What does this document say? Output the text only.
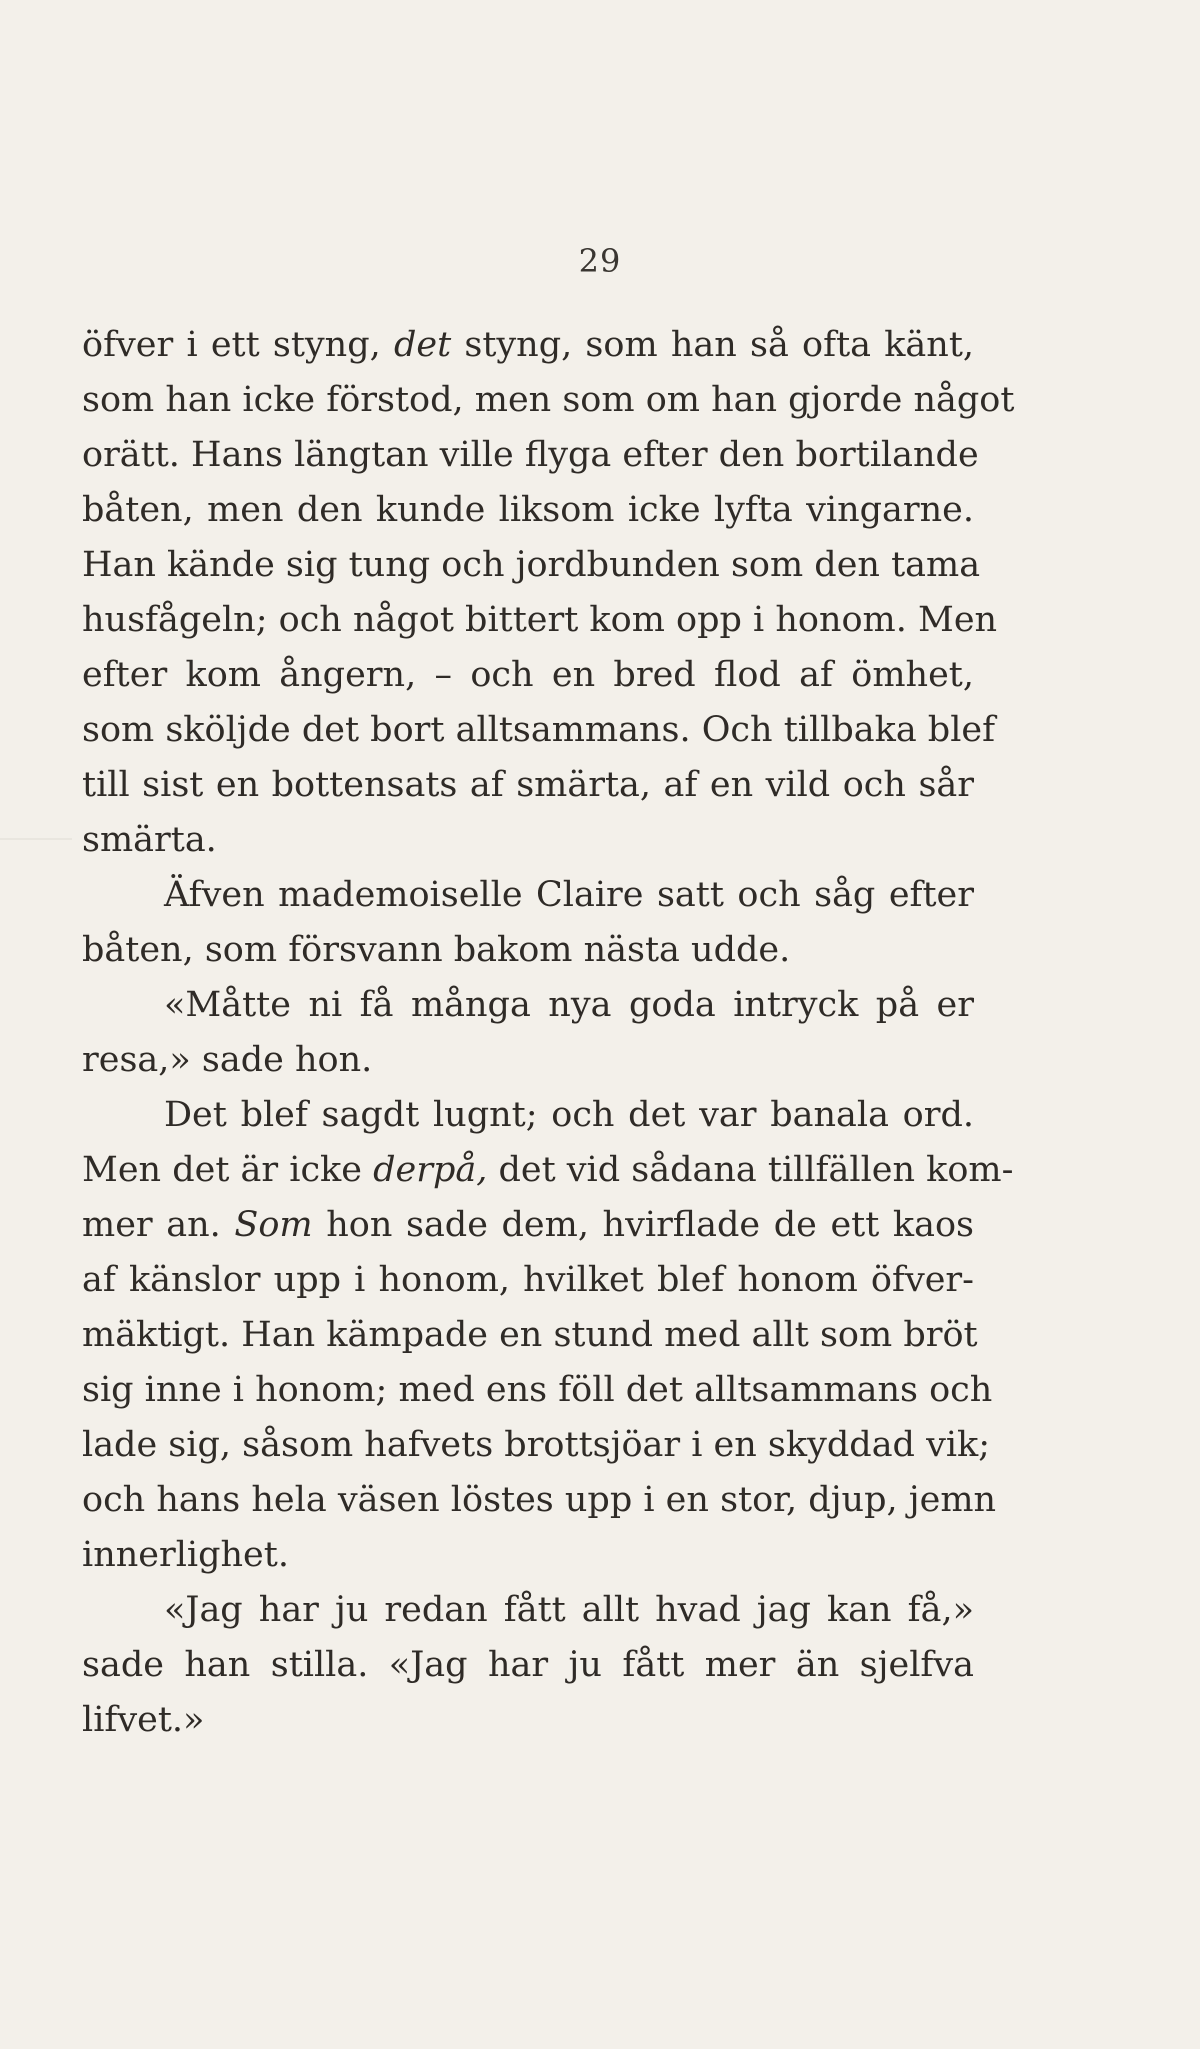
29
öfver i ett styng, det styng, som han så ofta känt,
som han icke förstod, men som om han gjorde något
orätt. Hans längtan ville flyga efter den bortilande
båten, men den kunde liksom icke lyfta vingarne.
Han kände sig tung och jordbunden som den tama
husfågeln; och något bittert kom opp i honom. Men
efter kom ångern, – och en bred flod af ömhet,
som sköljde det bort alltsammans. Och tillbaka blef
till sist en bottensats af smärta, af en vild och sår
smärta.
Äfven mademoiselle Claire satt och såg efter
båten, som försvann bakom nästa udde.
«Måtte ni få många nya goda intryck på er
resa,» sade hon.
Det blef sagdt lugnt; och det var banala ord.
Men det är icke derpå, det vid sådana tillfällen kom-
mer an. Som hon sade dem, hvirflade de ett kaos
af känslor upp i honom, hvilket blef honom öfver-
mäktigt. Han kämpade en stund med allt som bröt
sig inne i honom; med ens föll det alltsammans och
lade sig, såsom hafvets brottsjöar i en skyddad vik;
och hans hela väsen löstes upp i en stor, djup, jemn
innerlighet.
«Jag har ju redan fått allt hvad jag kan få,»
sade han stilla. «Jag har ju fått mer än sjelfva
lifvet.»
